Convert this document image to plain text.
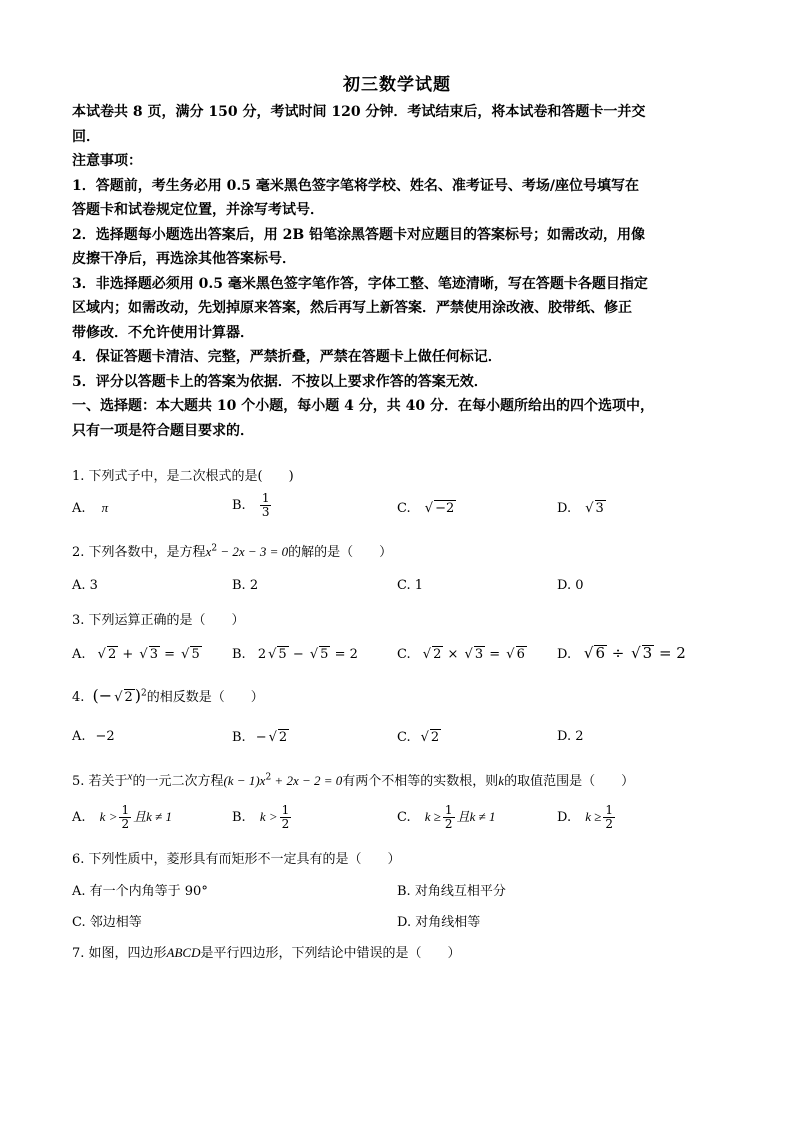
初三数学试题
本试卷共 8 页，满分 150 分，考试时间 120 分钟．考试结束后，将本试卷和答题卡一并交
回．
注意事项：
1．答题前，考生务必用 0.5 毫米黑色签字笔将学校、姓名、准考证号、考场/座位号填写在
答题卡和试卷规定位置，并涂写考试号．
2．选择题每小题选出答案后，用 2B 铅笔涂黑答题卡对应题目的答案标号；如需改动，用像
皮擦干净后，再选涂其他答案标号．
3．非选择题必须用 0.5 毫米黑色签字笔作答，字体工整、笔迹清晰，写在答题卡各题目指定
区域内；如需改动，先划掉原来答案，然后再写上新答案．严禁使用涂改液、胶带纸、修正
带修改．不允许使用计算器．
4．保证答题卡清洁、完整，严禁折叠，严禁在答题卡上做任何标记．
5．评分以答题卡上的答案为依据．不按以上要求作答的答案无效．
一、选择题：本大题共 10 个小题，每小题 4 分，共 40 分．在每小题所给出的四个选项中，
只有一项是符合题目要求的．
1. 下列式子中，是二次根式的是(　　)
A. π	B. $\frac{1}{3}$	C. √ −2	D. √ 3
2. 下列各数中，是方程$x^2 - 2x - 3 = 0$的解的是（　　）
A. 3	B. 2	C. 1	D. 0
3. 下列运算正确的是（　　）
A. √ 2 + √ 3 = √ 5 B. 2 √ 5 − √ 5 = 2	C. √ 2 × √ 3 = √ 6 D. √ 6 ÷ √ 3 = 2
4. (− √ 2 )$^2$的相反数是（　　）
A. −2	B. − √ 2	C. √ 2	D. 2
5. 若关于$^x$的一元二次方程$(k - 1)x^2 + 2x - 2 = 0$有两个不相等的实数根，则k的取值范围是（　　）
A. $k > \frac{1}{2}$ 且k ≠ 1	B. $k > \frac{1}{2}$	C. $k \ge \frac{1}{2}$ 且k ≠ 1	D. $k \ge \frac{1}{2}$
6. 下列性质中，菱形具有而矩形不一定具有的是（　　）
A. 有一个内角等于 90°	B. 对角线互相平分
C. 邻边相等	D. 对角线相等
7. 如图，四边形ABCD是平行四边形，下列结论中错误的是（　　）
